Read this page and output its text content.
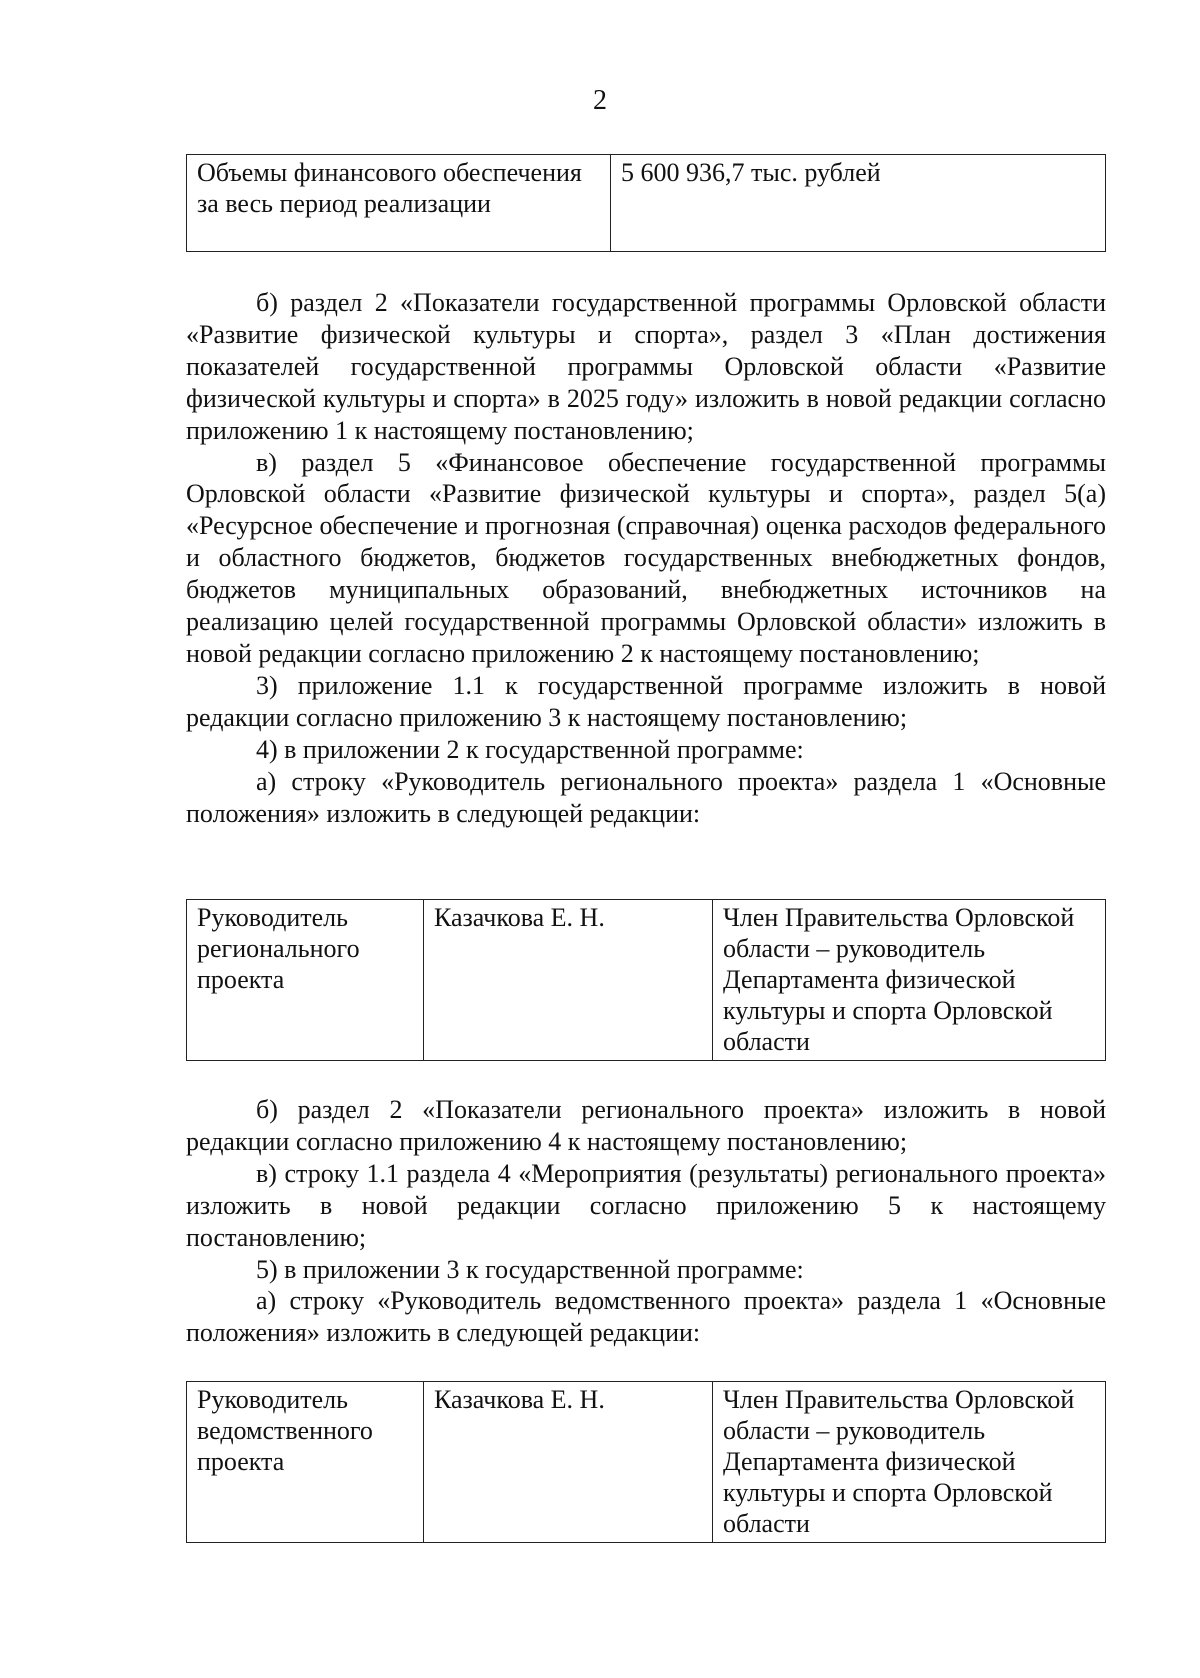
2
Объемы финансового обеспечения за весь период реализации	5 600 936,7 тыс. рублей

б) раздел 2 «Показатели государственной программы Орловской области «Развитие физической культуры и спорта», раздел 3 «План достижения показателей государственной программы Орловской области «Развитие физической культуры и спорта» в 2025 году» изложить в новой редакции согласно приложению 1 к настоящему постановлению;

в) раздел 5 «Финансовое обеспечение государственной программы Орловской области «Развитие физической культуры и спорта», раздел 5(а) «Ресурсное обеспечение и прогнозная (справочная) оценка расходов федерального и областного бюджетов, бюджетов государственных внебюджетных фондов, бюджетов муниципальных образований, внебюджетных источников на реализацию целей государственной программы Орловской области» изложить в новой редакции согласно приложению 2 к настоящему постановлению;

3) приложение 1.1 к государственной программе изложить в новой редакции согласно приложению 3 к настоящему постановлению;

4) в приложении 2 к государственной программе:

а) строку «Руководитель регионального проекта» раздела 1 «Основные положения» изложить в следующей редакции:

Руководитель регионального проекта	Казачкова Е. Н.	Член Правительства Орловской области – руководитель Департамента физической культуры и спорта Орловской области

б) раздел 2 «Показатели регионального проекта» изложить в новой редакции согласно приложению 4 к настоящему постановлению;

в) строку 1.1 раздела 4 «Мероприятия (результаты) регионального проекта» изложить в новой редакции согласно приложению 5 к настоящему постановлению;

5) в приложении 3 к государственной программе:

а) строку «Руководитель ведомственного проекта» раздела 1 «Основные положения» изложить в следующей редакции:

Руководитель ведомственного проекта	Казачкова Е. Н.	Член Правительства Орловской области – руководитель Департамента физической культуры и спорта Орловской области
